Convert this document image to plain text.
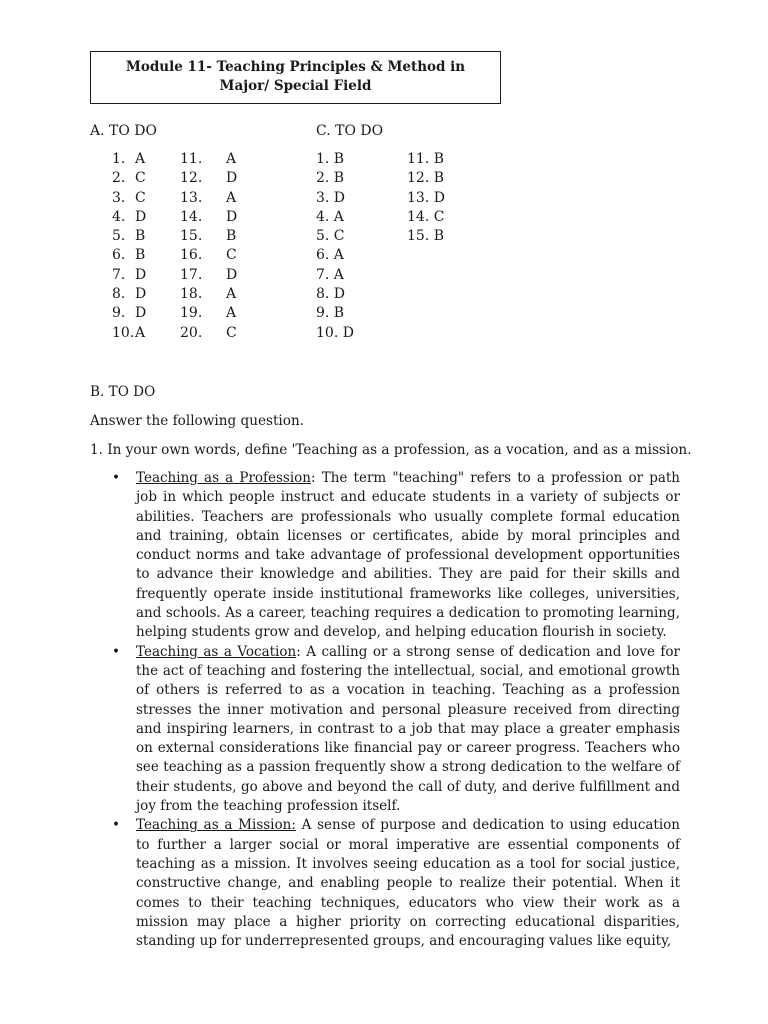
Module 11- Teaching Principles & Method in Major/ Special Field
A. TO DO	C. TO DO
1. A 11. A
2. C 12. D
3. C 13. A
4. D 14. D
5. B 15. B
6. B 16. C
7. D 17. D
8. D 18. A
9. D 19. A
10. A 20. C
1. B
2. B
3. D
4. A
5. C
6. A
7. A
8. D
9. B
10. D
11. B
12. B
13. D
14. C
15. B
B. TO DO
Answer the following question.
1. In your own words, define 'Teaching as a profession, as a vocation, and as a mission.
• Teaching as a Profession: The term "teaching" refers to a profession or path job in which people instruct and educate students in a variety of subjects or abilities. Teachers are professionals who usually complete formal education and training, obtain licenses or certificates, abide by moral principles and conduct norms and take advantage of professional development opportunities to advance their knowledge and abilities. They are paid for their skills and frequently operate inside institutional frameworks like colleges, universities, and schools. As a career, teaching requires a dedication to promoting learning, helping students grow and develop, and helping education flourish in society.
• Teaching as a Vocation: A calling or a strong sense of dedication and love for the act of teaching and fostering the intellectual, social, and emotional growth of others is referred to as a vocation in teaching. Teaching as a profession stresses the inner motivation and personal pleasure received from directing and inspiring learners, in contrast to a job that may place a greater emphasis on external considerations like financial pay or career progress. Teachers who see teaching as a passion frequently show a strong dedication to the welfare of their students, go above and beyond the call of duty, and derive fulfillment and joy from the teaching profession itself.
• Teaching as a Mission: A sense of purpose and dedication to using education to further a larger social or moral imperative are essential components of teaching as a mission. It involves seeing education as a tool for social justice, constructive change, and enabling people to realize their potential. When it comes to their teaching techniques, educators who view their work as a mission may place a higher priority on correcting educational disparities, standing up for underrepresented groups, and encouraging values like equity,
